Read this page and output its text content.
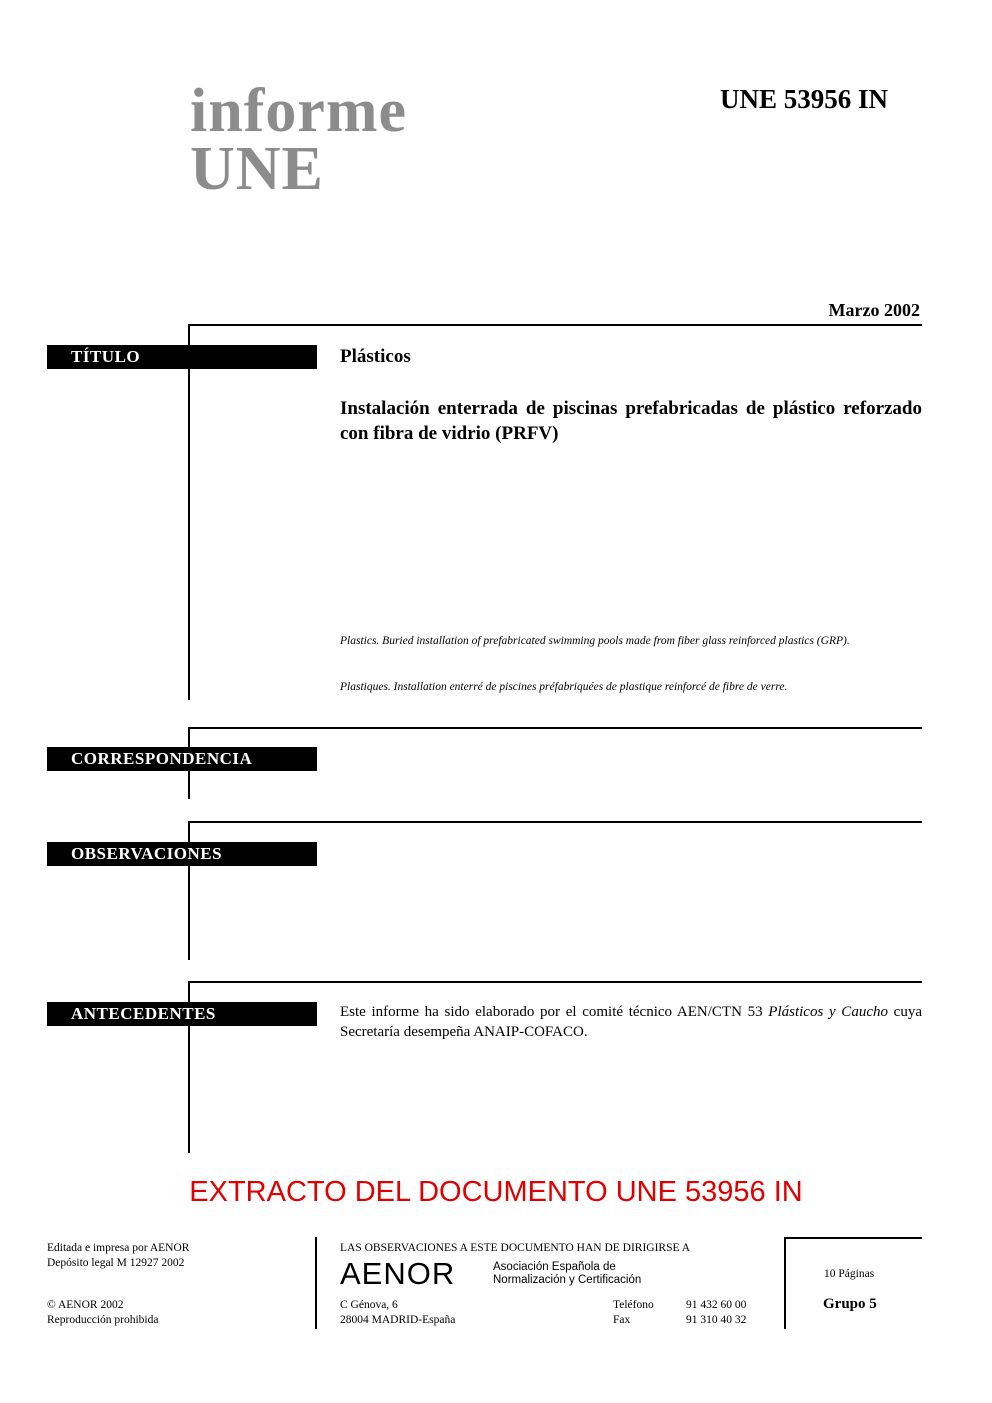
informe
UNE
UNE 53956 IN
Marzo 2002
TÍTULO	Plásticos
Instalación enterrada de piscinas prefabricadas de plástico reforzado con fibra de vidrio (PRFV)
Plastics. Buried installation of prefabricated swimming pools made from fiber glass reinforced plastics (GRP).
Plastiques. Installation enterré de piscines préfabriquées de plastique reinforcé de fibre de verre.
CORRESPONDENCIA
OBSERVACIONES
ANTECEDENTES	Este informe ha sido elaborado por el comité técnico AEN/CTN 53 Plásticos y Caucho cuya Secretaría desempeña ANAIP-COFACO.
EXTRACTO DEL DOCUMENTO UNE 53956 IN
Editada e impresa por AENOR
Depósito legal M 12927 2002
© AENOR 2002
Reproducción prohibida
LAS OBSERVACIONES A ESTE DOCUMENTO HAN DE DIRIGIRSE A
AENOR	Asociación Española de
Normalización y Certificación
C Génova, 6
28004 MADRID-España
Teléfono	91 432 60 00
Fax	91 310 40 32
10 Páginas
Grupo 5
